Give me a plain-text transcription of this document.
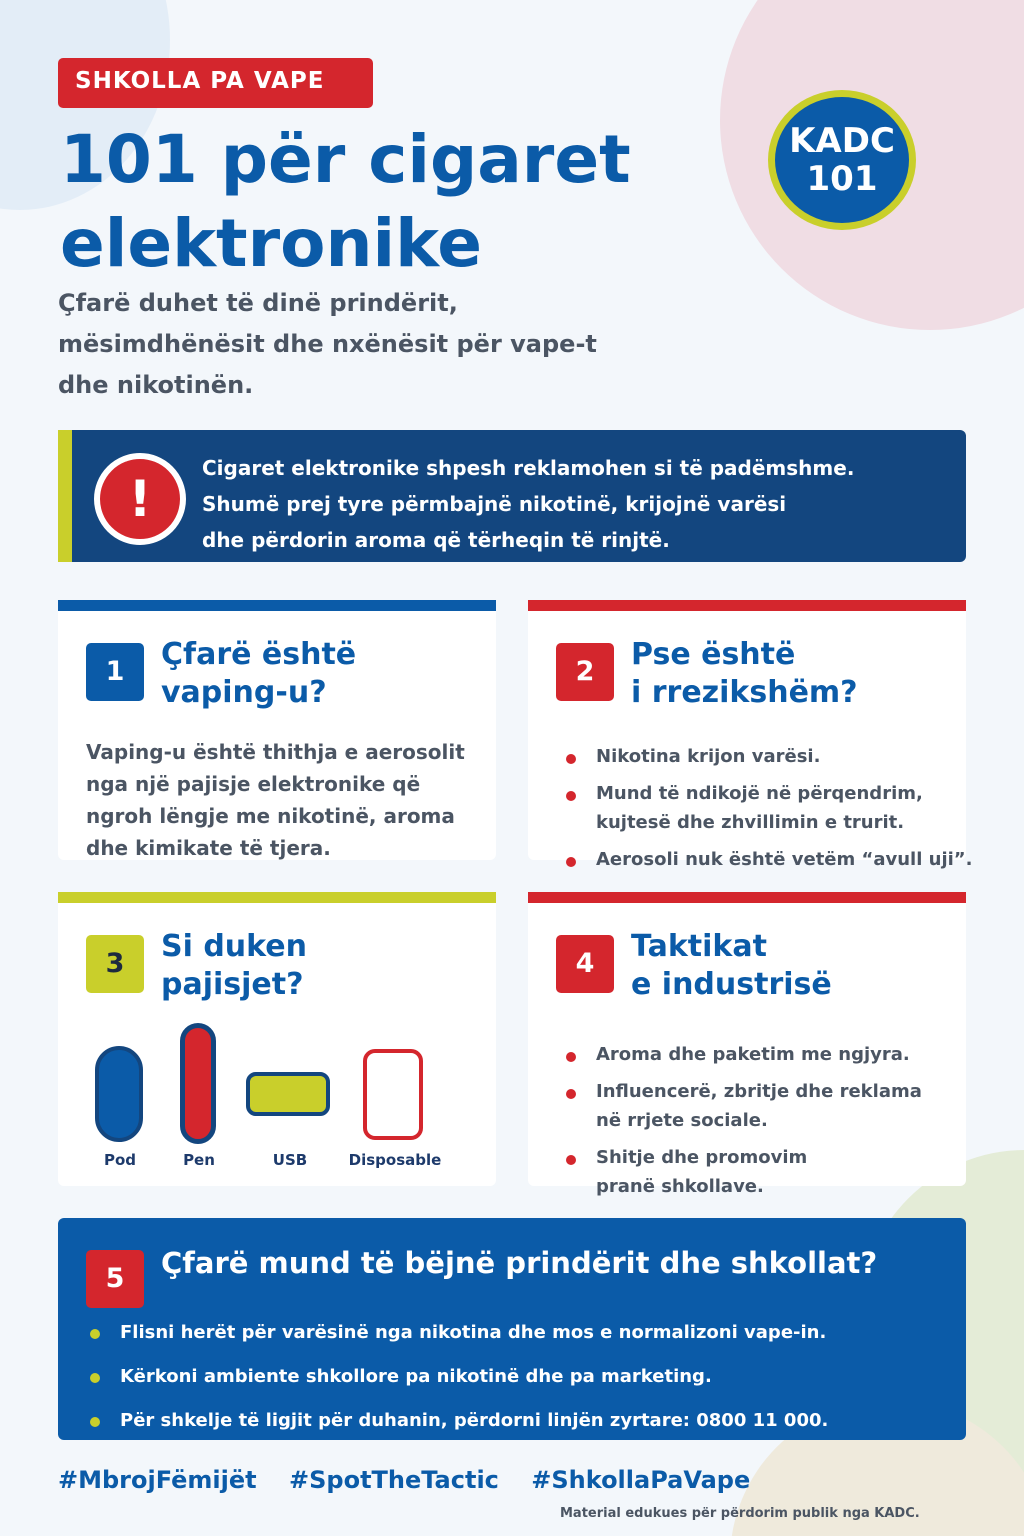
SHKOLLA PA VAPE
101 për cigaret
elektronike
Çfarë duhet të dinë prindërit,
mësimdhënësit dhe nxënësit për vape-t
dhe nikotinën.
KADC
101
!
Cigaret elektronike shpesh reklamohen si të padëmshme.
Shumë prej tyre përmbajnë nikotinë, krijojnë varësi
dhe përdorin aroma që tërheqin të rinjtë.
1	Çfarë është
vaping-u?
Vaping-u është thithja e aerosolit
nga një pajisje elektronike që
ngroh lëngje me nikotinë, aroma
dhe kimikate të tjera.
2	Pse është
i rrezikshëm?
Nikotina krijon varësi.
Mund të ndikojë në përqendrim,
kujtesë dhe zhvillimin e trurit.
Aerosoli nuk është vetëm “avull uji”.
3	Si duken
pajisjet?
Pod	Pen	USB	Disposable
4	Taktikat
e industrisë
Aroma dhe paketim me ngjyra.
Influencerë, zbritje dhe reklama
në rrjete sociale.
Shitje dhe promovim
pranë shkollave.
5	Çfarë mund të bëjnë prindërit dhe shkollat?
Flisni herët për varësinë nga nikotina dhe mos e normalizoni vape-in.
Kërkoni ambiente shkollore pa nikotinë dhe pa marketing.
Për shkelje të ligjit për duhanin, përdorni linjën zyrtare: 0800 11 000.
#MbrojFëmijët #SpotTheTactic #ShkollaPaVape
Material edukues për përdorim publik nga KADC.
